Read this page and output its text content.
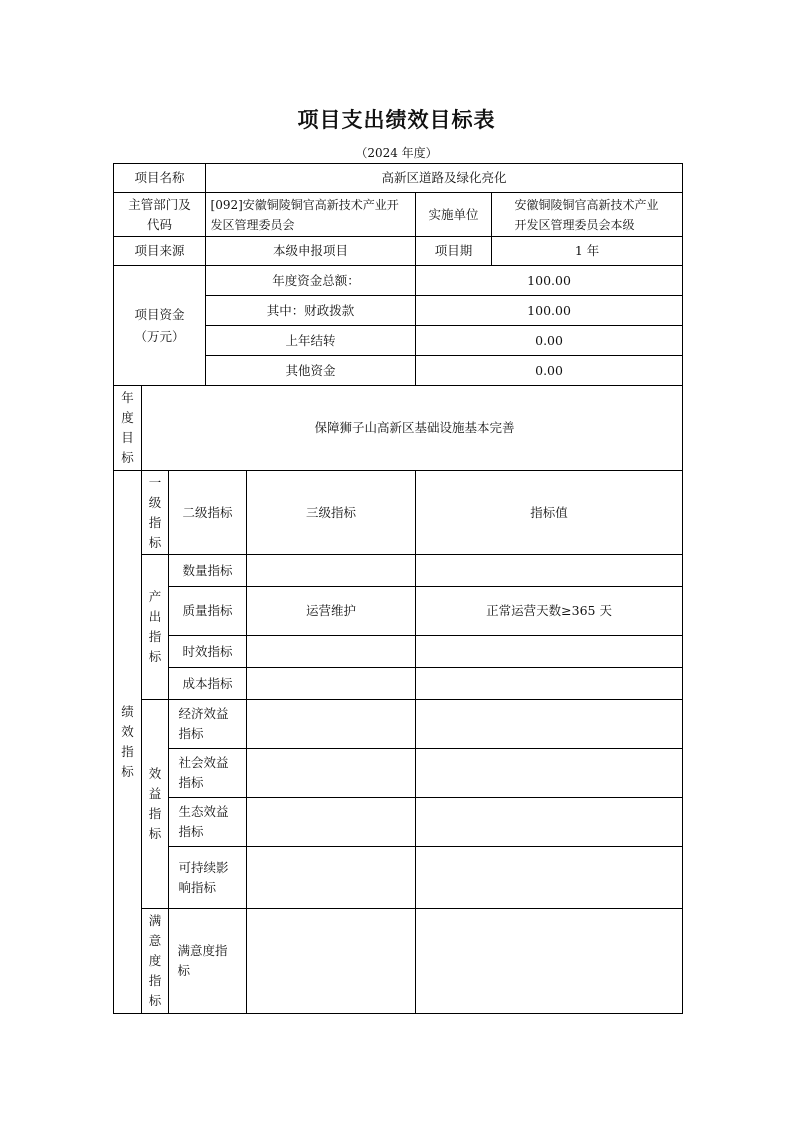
项目支出绩效目标表
（2024 年度）
项目名称			高新区道路及绿化亮化			

主管部门及代码			[092]安徽铜陵铜官高新技术产业开发区管理委员会		实施单位	安徽铜陵铜官高新技术产业开发区管理委员会本级

项目来源			本级申报项目		项目期	1 年

项目资金（万元）			年度资金总额：		100.00	
			其中：财政拨款		100.00	
			上年结转		0.00	
			其他资金		0.00	

年度目标	保障狮子山高新区基础设施基本完善					

绩效指标	一级指标	二级指标		三级指标	指标值	

	产出指标	数量指标				
		质量指标		运营维护	正常运营天数≥365 天	
		时效指标				
		成本指标				

	效益指标	经济效益指标				

		社会效益指标				

		生态效益指标				

		可持续影响指标				

	满意度指标	满意度指标				
